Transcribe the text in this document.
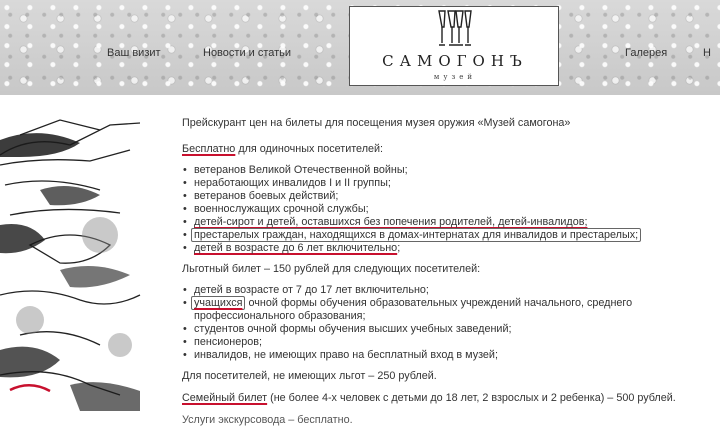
Ваш визит	Новости и статьи	Галерея	Н
САМОГОНЪ
музей

Прейскурант цен на билеты для посещения музея оружия «Музей самогона»

Бесплатно для одиночных посетителей:

• ветеранов Великой Отечественной войны;
• неработающих инвалидов I и II группы;
• ветеранов боевых действий;
• военнослужащих срочной службы;
• детей-сирот и детей, оставшихся без попечения родителей, детей-инвалидов;
• престарелых граждан, находящихся в домах-интернатах для инвалидов и престарелых;
• детей в возрасте до 6 лет включительно;

Льготный билет – 150 рублей для следующих посетителей:

• детей в возрасте от 7 до 17 лет включительно;
• учащихся очной формы обучения образовательных учреждений начального, среднего профессионального образования;
• студентов очной формы обучения высших учебных заведений;
• пенсионеров;
• инвалидов, не имеющих право на бесплатный вход в музей;

Для посетителей, не имеющих льгот – 250 рублей.

Семейный билет (не более 4-х человек с детьми до 18 лет, 2 взрослых и 2 ребенка) – 500 рублей.

Услуги экскурсовода – бесплатно.
